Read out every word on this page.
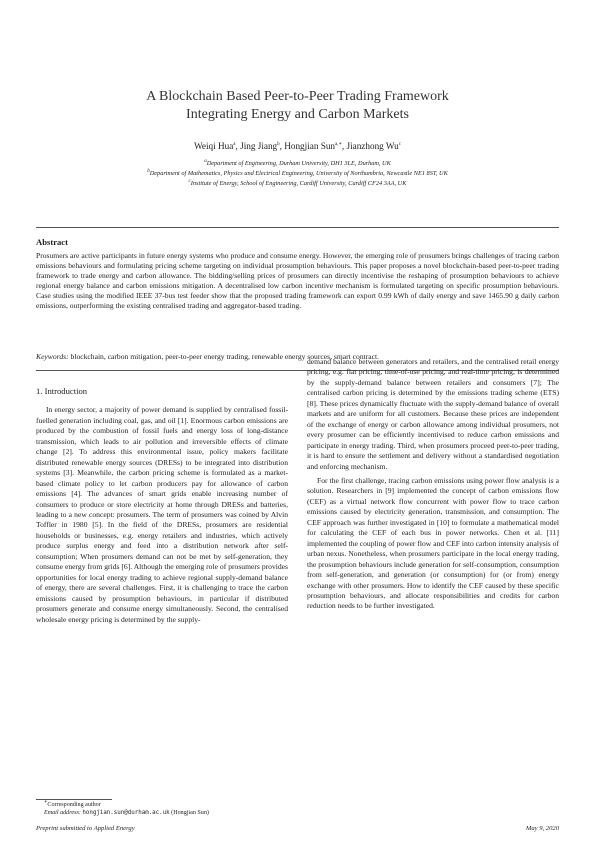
A Blockchain Based Peer-to-Peer Trading Framework
Integrating Energy and Carbon Markets
Weiqi Hua$^a$, Jing Jiang$^b$, Hongjian Sun$^{a,∗}$, Jianzhong Wu$^c$
$^a$Department of Engineering, Durham University, DH1 3LE, Durham, UK
$^b$Department of Mathematics, Physics and Electrical Engineering, University of Northumbria, Newcastle NE1 8ST, UK
$^c$Institute of Energy, School of Engineering, Cardiff University, Cardiff CF24 3AA, UK
Abstract
Prosumers are active participants in future energy systems who produce and consume energy. However, the emerging role of prosumers brings challenges of tracing carbon emissions behaviours and formulating pricing scheme targeting on individual prosumption behaviours. This paper proposes a novel blockchain-based peer-to-peer trading framework to trade energy and carbon allowance. The bidding/selling prices of prosumers can directly incentivise the reshaping of prosumption behaviours to achieve regional energy balance and carbon emissions mitigation. A decentralised low carbon incentive mechanism is formulated targeting on specific prosumption behaviours. Case studies using the modified IEEE 37-bus test feeder show that the proposed trading framework can export 0.99 kWh of daily energy and save 1465.90 g daily carbon emissions, outperforming the existing centralised trading and aggregator-based trading.
Keywords: blockchain, carbon mitigation, peer-to-peer energy trading, renewable energy sources, smart contract.
1. Introduction

In energy sector, a majority of power demand is supplied by centralised fossil-fuelled generation including coal, gas, and oil [1]. Enormous carbon emissions are produced by the combustion of fossil fuels and energy loss of long-distance transmission, which leads to air pollution and irreversible effects of climate change [2]. To address this environmental issue, policy makers facilitate distributed renewable energy sources (DRESs) to be integrated into distribution systems [3]. Meanwhile, the carbon pricing scheme is formulated as a market-based climate policy to let carbon producers pay for allowance of carbon emissions [4]. The advances of smart grids enable increasing number of consumers to produce or store electricity at home through DRESs and batteries, leading to a new concept: prosumers. The term of prosumers was coined by Alvin Toffler in 1980 [5]. In the field of the DRESs, prosumers are residential households or businesses, e.g. energy retailers and industries, which actively produce surplus energy and feed into a distribution network after self-consumption; When prosumers demand can not be met by self-generation, they consume energy from grids [6]. Although the emerging role of prosumers provides opportunities for local energy trading to achieve regional supply-demand balance of energy, there are several challenges. First, it is challenging to trace the carbon emissions caused by prosumption behaviours, in particular if distributed prosumers generate and consume energy simultaneously. Second, the centralised wholesale energy pricing is determined by the supply-

demand balance between generators and retailers, and the centralised retail energy pricing, e.g. flat pricing, time-of-use pricing, and real-time pricing, is determined by the supply-demand balance between retailers and consumers [7]; The centralised carbon pricing is determined by the emissions trading scheme (ETS) [8]. These prices dynamically fluctuate with the supply-demand balance of overall markets and are uniform for all customers. Because these prices are independent of the exchange of energy or carbon allowance among individual prosumers, not every prosumer can be efficiently incentivised to reduce carbon emissions and participate in energy trading. Third, when prosumers proceed peer-to-peer trading, it is hard to ensure the settlement and delivery without a standardised negotiation and enforcing mechanism.

For the first challenge, tracing carbon emissions using power flow analysis is a solution. Researchers in [9] implemented the concept of carbon emissions flow (CEF) as a virtual network flow concurrent with power flow to trace carbon emissions caused by electricity generation, transmission, and consumption. The CEF approach was further investigated in [10] to formulate a mathematical model for calculating the CEF of each bus in power networks. Chen et al. [11] implemented the coupling of power flow and CEF into carbon intensity analysis of urban nexus. Nonetheless, when prosumers participate in the local energy trading, the prosumption behaviours include generation for self-consumption, consumption from self-generation, and generation (or consumption) for (or from) energy exchange with other prosumers. How to identify the CEF caused by these specific prosumption behaviours, and allocate responsibilities and credits for carbon reduction needs to be further investigated.

∗Corresponding author
Email address: hongjian.sun@durham.ac.uk (Hongjian Sun)
Preprint submitted to Applied Energy	May 9, 2020
